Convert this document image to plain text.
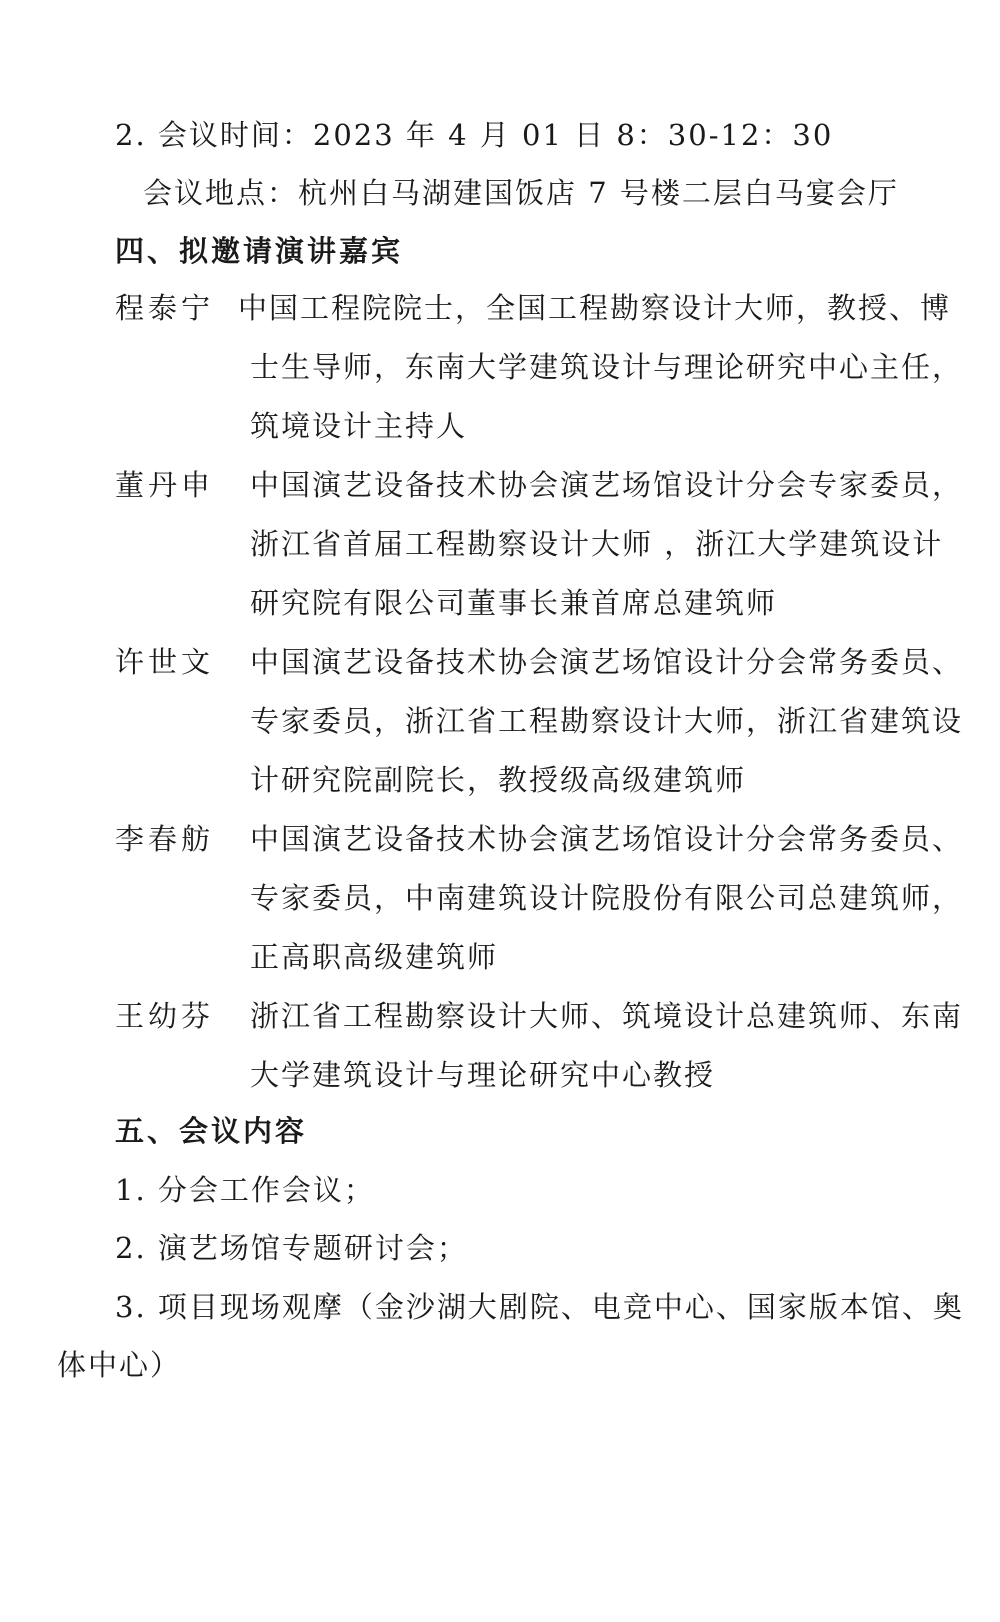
2. 会议时间：2023 年 4 月 01 日 8：30-12：30
会议地点：杭州白马湖建国饭店 7 号楼二层白马宴会厅
四、拟邀请演讲嘉宾
程泰宁 中国工程院院士，全国工程勘察设计大师，教授、博
士生导师，东南大学建筑设计与理论研究中心主任，
筑境设计主持人
董丹申 中国演艺设备技术协会演艺场馆设计分会专家委员，
浙江省首届工程勘察设计大师 ，浙江大学建筑设计
研究院有限公司董事长兼首席总建筑师
许世文 中国演艺设备技术协会演艺场馆设计分会常务委员、
专家委员，浙江省工程勘察设计大师，浙江省建筑设
计研究院副院长，教授级高级建筑师
李春舫 中国演艺设备技术协会演艺场馆设计分会常务委员、
专家委员，中南建筑设计院股份有限公司总建筑师，
正高职高级建筑师
王幼芬 浙江省工程勘察设计大师、筑境设计总建筑师、东南
大学建筑设计与理论研究中心教授
五、会议内容
1. 分会工作会议；
2. 演艺场馆专题研讨会；
3. 项目现场观摩（金沙湖大剧院、电竞中心、国家版本馆、奥
体中心）
